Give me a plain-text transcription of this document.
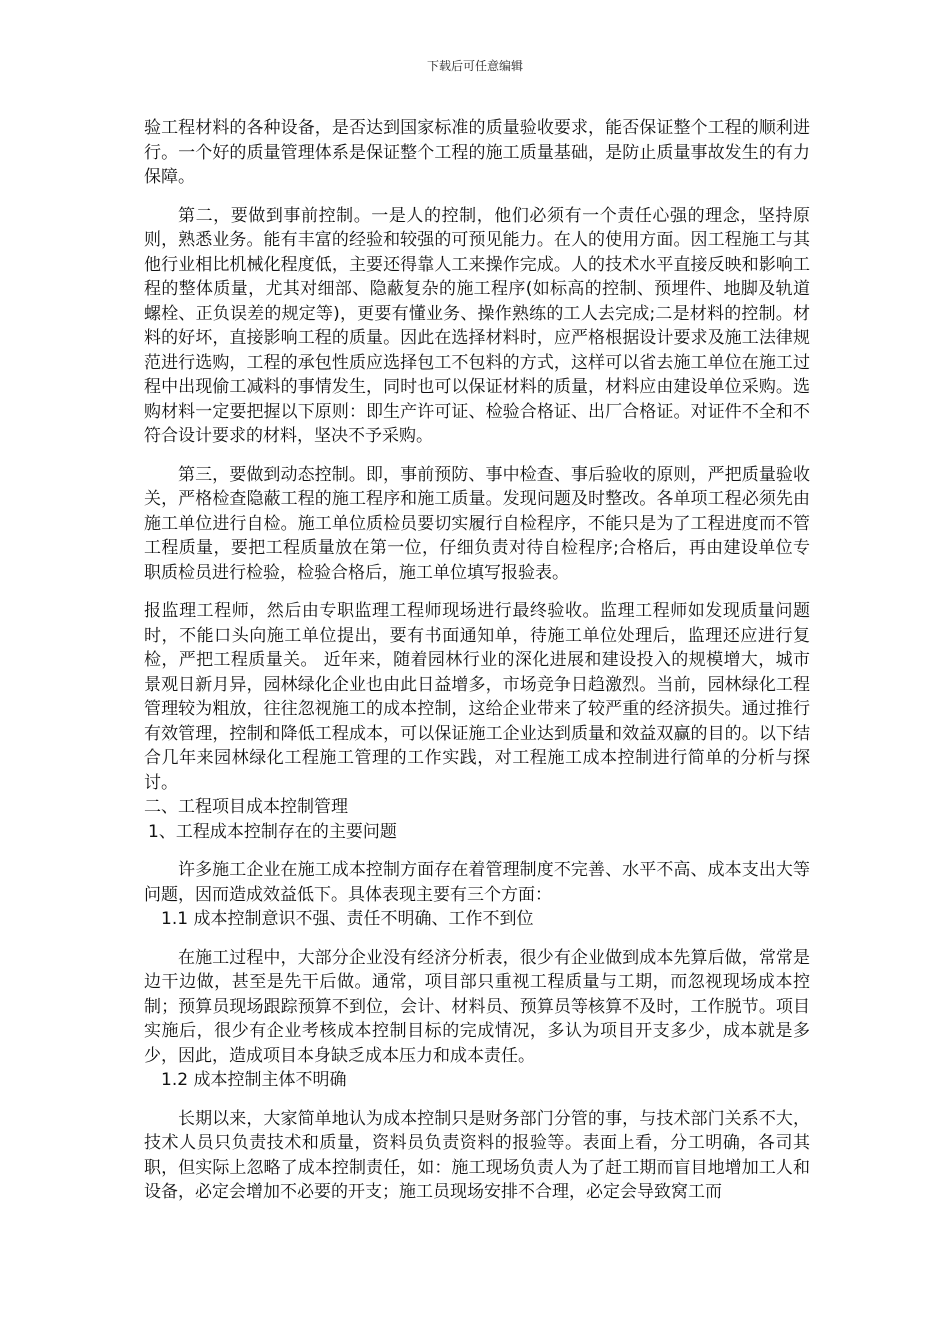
下载后可任意编辑

验工程材料的各种设备，是否达到国家标准的质量验收要求，能否保证整个工程的顺利进行。一个好的质量管理体系是保证整个工程的施工质量基础，是防止质量事故发生的有力保障。

第二，要做到事前控制。一是人的控制，他们必须有一个责任心强的理念，坚持原则，熟悉业务。能有丰富的经验和较强的可预见能力。在人的使用方面。因工程施工与其他行业相比机械化程度低，主要还得靠人工来操作完成。人的技术水平直接反映和影响工程的整体质量，尤其对细部、隐蔽复杂的施工程序(如标高的控制、预埋件、地脚及轨道螺栓、正负误差的规定等)，更要有懂业务、操作熟练的工人去完成;二是材料的控制。材料的好坏，直接影响工程的质量。因此在选择材料时，应严格根据设计要求及施工法律规范进行选购，工程的承包性质应选择包工不包料的方式，这样可以省去施工单位在施工过程中出现偷工减料的事情发生，同时也可以保证材料的质量，材料应由建设单位采购。选购材料一定要把握以下原则：即生产许可证、检验合格证、出厂合格证。对证件不全和不符合设计要求的材料，坚决不予采购。

第三，要做到动态控制。即，事前预防、事中检查、事后验收的原则，严把质量验收关，严格检查隐蔽工程的施工程序和施工质量。发现问题及时整改。各单项工程必须先由施工单位进行自检。施工单位质检员要切实履行自检程序，不能只是为了工程进度而不管工程质量，要把工程质量放在第一位，仔细负责对待自检程序;合格后，再由建设单位专职质检员进行检验，检验合格后，施工单位填写报验表。

报监理工程师，然后由专职监理工程师现场进行最终验收。监理工程师如发现质量问题时，不能口头向施工单位提出，要有书面通知单，待施工单位处理后，监理还应进行复检，严把工程质量关。 近年来，随着园林行业的深化进展和建设投入的规模增大，城市景观日新月异，园林绿化企业也由此日益增多，市场竞争日趋激烈。当前，园林绿化工程管理较为粗放，往往忽视施工的成本控制，这给企业带来了较严重的经济损失。通过推行有效管理，控制和降低工程成本，可以保证施工企业达到质量和效益双赢的目的。以下结合几年来园林绿化工程施工管理的工作实践，对工程施工成本控制进行简单的分析与探讨。

二、工程项目成本控制管理

1、工程成本控制存在的主要问题

许多施工企业在施工成本控制方面存在着管理制度不完善、水平不高、成本支出大等问题，因而造成效益低下。具体表现主要有三个方面：

1.1 成本控制意识不强、责任不明确、工作不到位

在施工过程中，大部分企业没有经济分析表，很少有企业做到成本先算后做，常常是边干边做，甚至是先干后做。通常，项目部只重视工程质量与工期，而忽视现场成本控制；预算员现场跟踪预算不到位，会计、材料员、预算员等核算不及时，工作脱节。项目实施后，很少有企业考核成本控制目标的完成情况，多认为项目开支多少，成本就是多少，因此，造成项目本身缺乏成本压力和成本责任。

1.2 成本控制主体不明确

长期以来，大家简单地认为成本控制只是财务部门分管的事，与技术部门关系不大，技术人员只负责技术和质量，资料员负责资料的报验等。表面上看，分工明确，各司其职，但实际上忽略了成本控制责任，如：施工现场负责人为了赶工期而盲目地增加工人和设备，必定会增加不必要的开支；施工员现场安排不合理，必定会导致窝工而
